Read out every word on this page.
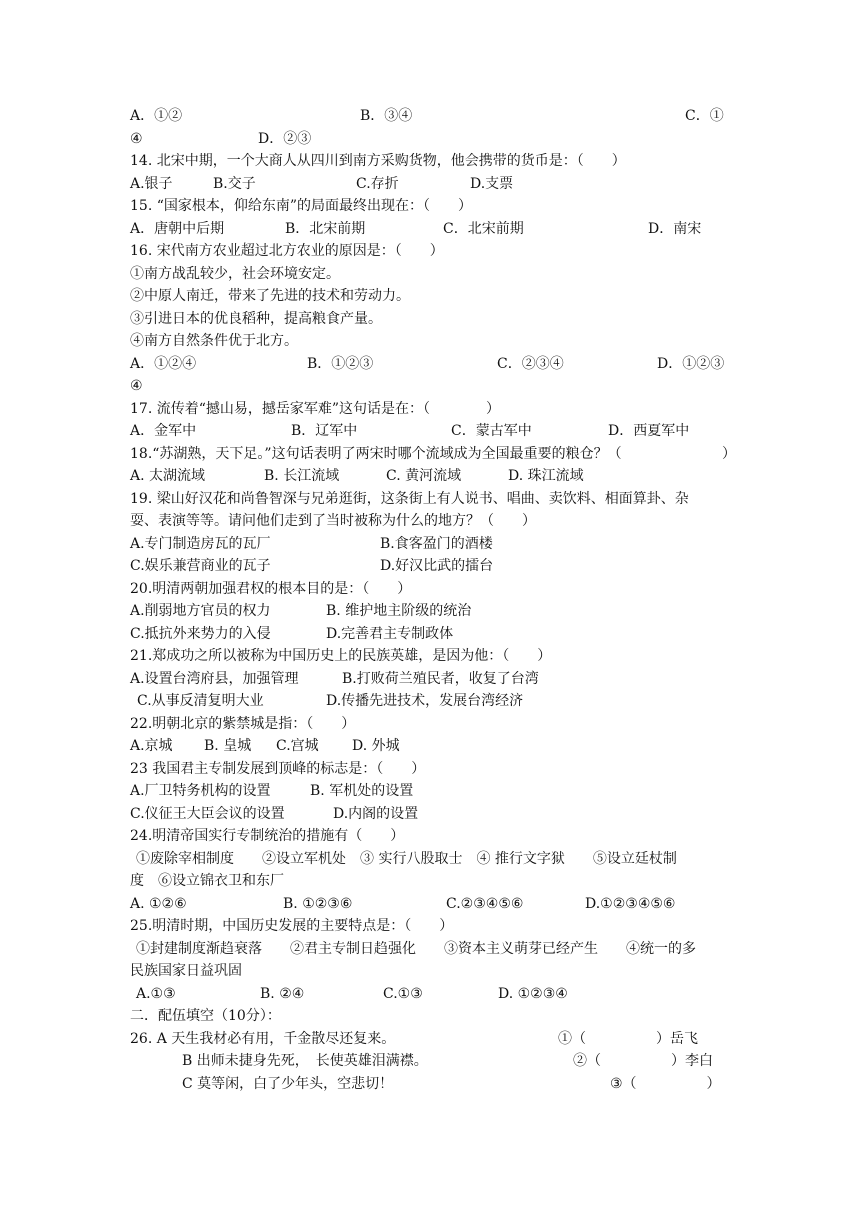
A．①②	B．③④	C．①
④	D．②③
14. 北宋中期，一个大商人从四川到南方采购货物，他会携带的货币是：（　　）
A.银子	B.交子	C.存折	D.支票
15. “国家根本，仰给东南”的局面最终出现在：（　　）
A．唐朝中后期	B．北宋前期	C．北宋前期	D．南宋
16. 宋代南方农业超过北方农业的原因是：（　　）
①南方战乱较少，社会环境安定。
②中原人南迁，带来了先进的技术和劳动力。
③引进日本的优良稻种，提高粮食产量。
④南方自然条件优于北方。
A．①②④	B．①②③	C．②③④	D．①②③
④
17. 流传着“撼山易，撼岳家军难”这句话是在：（　　　　）
A．金军中	B．辽军中	C．蒙古军中	D．西夏军中
18.“苏湖熟，天下足。”这句话表明了两宋时哪个流域成为全国最重要的粮仓？（	）
A. 太湖流域	B. 长江流域	C. 黄河流域	D. 珠江流域
19. 梁山好汉花和尚鲁智深与兄弟逛街，这条街上有人说书、唱曲、卖饮料、相面算卦、杂
耍、表演等等。请问他们走到了当时被称为什么的地方？（　　）
A.专门制造房瓦的瓦厂	B.食客盈门的酒楼
C.娱乐兼营商业的瓦子	D.好汉比武的擂台
20.明清两朝加强君权的根本目的是：（　　）
A.削弱地方官员的权力	B. 维护地主阶级的统治
C.抵抗外来势力的入侵	D.完善君主专制政体
21.郑成功之所以被称为中国历史上的民族英雄，是因为他：（　　）
A.设置台湾府县，加强管理	B.打败荷兰殖民者，收复了台湾
C.从事反清复明大业	D.传播先进技术，发展台湾经济
22.明朝北京的紫禁城是指：（　　）
A.京城 B. 皇城 C.宫城 D. 外城
23 我国君主专制发展到顶峰的标志是：（　　）
A.厂卫特务机构的设置	B. 军机处的设置
C.仪征王大臣会议的设置	D.内阁的设置
24.明清帝国实行专制统治的措施有（　　）
①废除宰相制度　　②设立军机处　③ 实行八股取士　④ 推行文字狱　　⑤设立廷杖制
度　⑥设立锦衣卫和东厂
A. ①②⑥	B. ①②③⑥	C.②③④⑤⑥	D.①②③④⑤⑥
25.明清时期，中国历史发展的主要特点是：（　　）
①封建制度渐趋衰落　　②君主专制日趋强化　　③资本主义萌芽已经产生　　④统一的多
民族国家日益巩固
A.①③	B. ②④	C.①③	D. ①②③④
二．配伍填空（10分）：
26. A 天生我材必有用，千金散尽还复来。	①（　　　　　）岳飞
B 出师未捷身先死，　长使英雄泪满襟。	②（　　　　　）李白
C 莫等闲，白了少年头，空悲切！	③（　　　　　）
